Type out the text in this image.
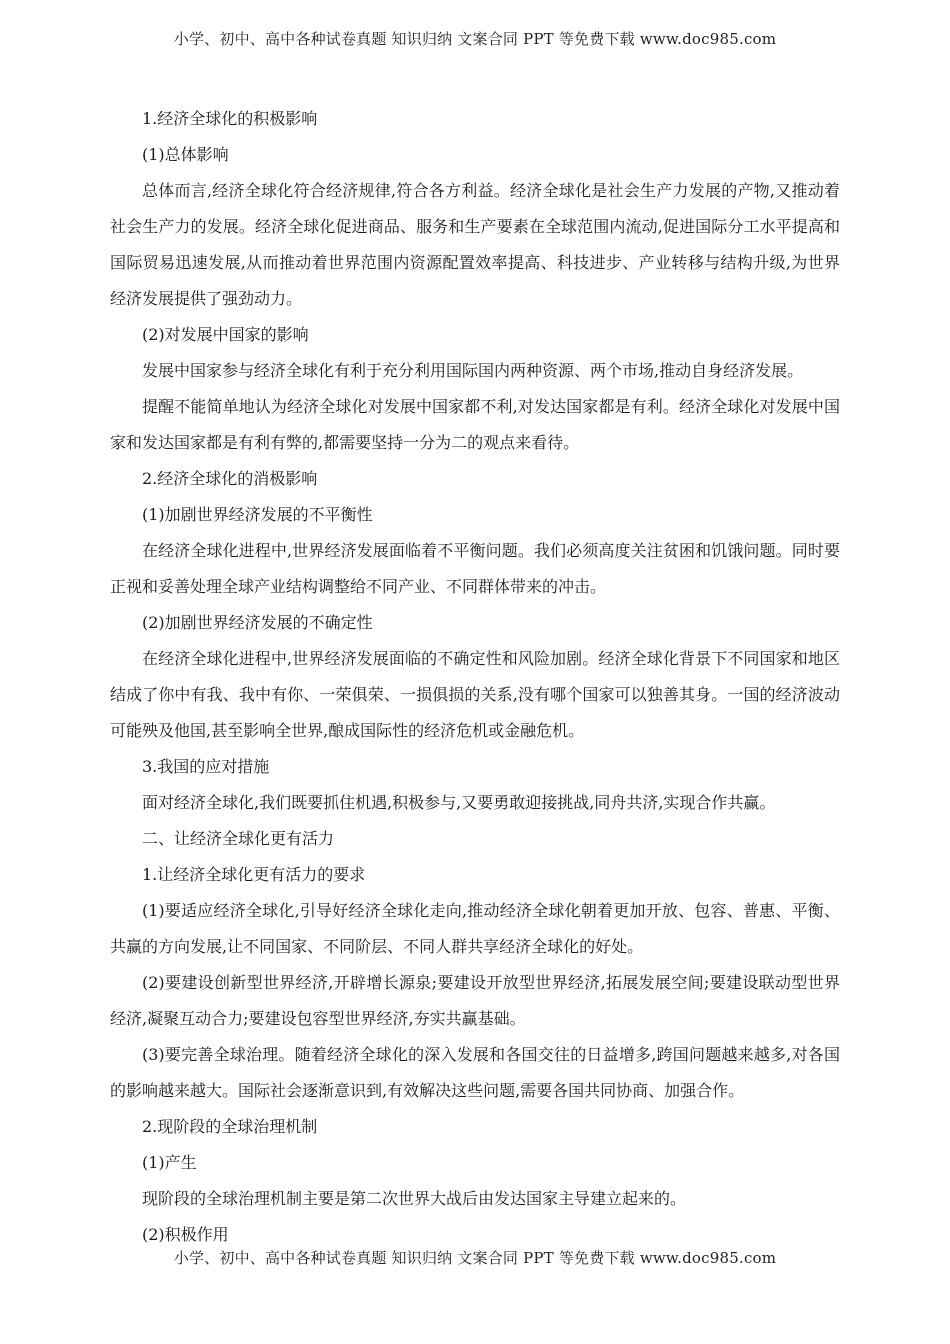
小学、初中、高中各种试卷真题 知识归纳 文案合同 PPT 等免费下载 www.doc985.com

1.经济全球化的积极影响

(1)总体影响

总体而言,经济全球化符合经济规律,符合各方利益。经济全球化是社会生产力发展的产物,又推动着社会生产力的发展。经济全球化促进商品、服务和生产要素在全球范围内流动,促进国际分工水平提高和国际贸易迅速发展,从而推动着世界范围内资源配置效率提高、科技进步、产业转移与结构升级,为世界经济发展提供了强劲动力。

(2)对发展中国家的影响

发展中国家参与经济全球化有利于充分利用国际国内两种资源、两个市场,推动自身经济发展。

提醒不能简单地认为经济全球化对发展中国家都不利,对发达国家都是有利。经济全球化对发展中国家和发达国家都是有利有弊的,都需要坚持一分为二的观点来看待。

2.经济全球化的消极影响

(1)加剧世界经济发展的不平衡性

在经济全球化进程中,世界经济发展面临着不平衡问题。我们必须高度关注贫困和饥饿问题。同时要正视和妥善处理全球产业结构调整给不同产业、不同群体带来的冲击。

(2)加剧世界经济发展的不确定性

在经济全球化进程中,世界经济发展面临的不确定性和风险加剧。经济全球化背景下不同国家和地区结成了你中有我、我中有你、一荣俱荣、一损俱损的关系,没有哪个国家可以独善其身。一国的经济波动可能殃及他国,甚至影响全世界,酿成国际性的经济危机或金融危机。

3.我国的应对措施

面对经济全球化,我们既要抓住机遇,积极参与,又要勇敢迎接挑战,同舟共济,实现合作共赢。

二、让经济全球化更有活力

1.让经济全球化更有活力的要求

(1)要适应经济全球化,引导好经济全球化走向,推动经济全球化朝着更加开放、包容、普惠、平衡、共赢的方向发展,让不同国家、不同阶层、不同人群共享经济全球化的好处。

(2)要建设创新型世界经济,开辟增长源泉;要建设开放型世界经济,拓展发展空间;要建设联动型世界经济,凝聚互动合力;要建设包容型世界经济,夯实共赢基础。

(3)要完善全球治理。随着经济全球化的深入发展和各国交往的日益增多,跨国问题越来越多,对各国的影响越来越大。国际社会逐渐意识到,有效解决这些问题,需要各国共同协商、加强合作。

2.现阶段的全球治理机制

(1)产生

现阶段的全球治理机制主要是第二次世界大战后由发达国家主导建立起来的。

(2)积极作用

小学、初中、高中各种试卷真题 知识归纳 文案合同 PPT 等免费下载 www.doc985.com
